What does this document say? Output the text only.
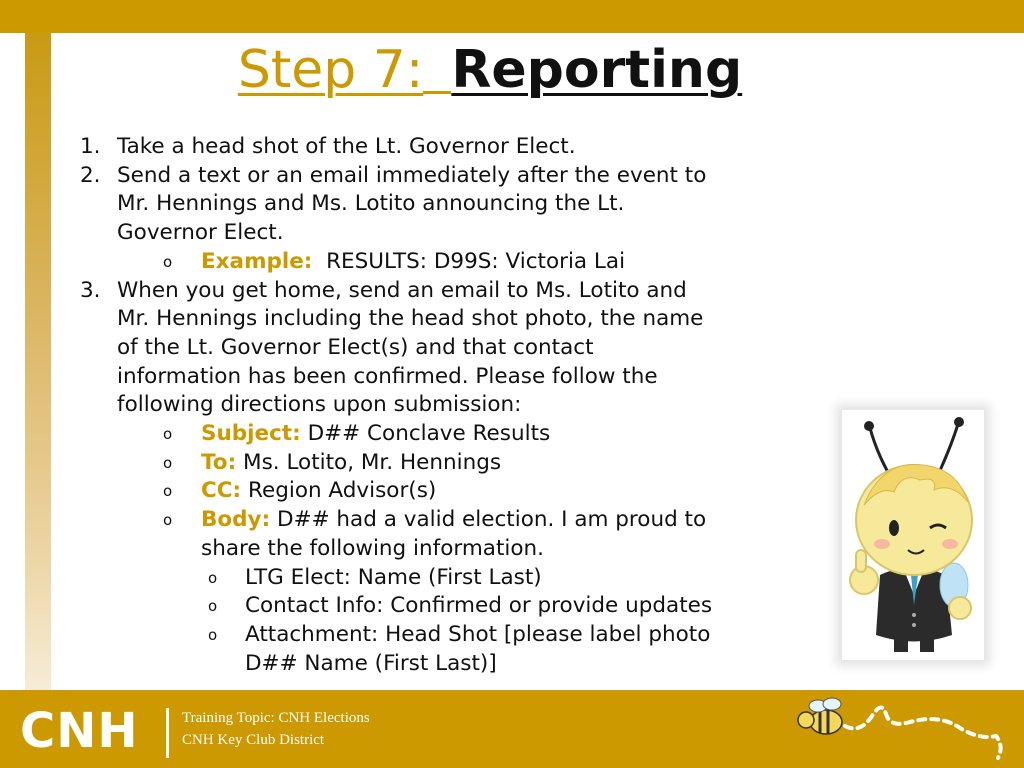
Step 7: Reporting
1. Take a head shot of the Lt. Governor Elect.
2. Send a text or an email immediately after the event to
Mr. Hennings and Ms. Lotito announcing the Lt.
Governor Elect.
o Example: RESULTS: D99S: Victoria Lai
3. When you get home, send an email to Ms. Lotito and
Mr. Hennings including the head shot photo, the name
of the Lt. Governor Elect(s) and that contact
information has been confirmed. Please follow the
following directions upon submission:
o Subject: D## Conclave Results
o To: Ms. Lotito, Mr. Hennings
o CC: Region Advisor(s)
o Body: D## had a valid election. I am proud to
share the following information.
o LTG Elect: Name (First Last)
o Contact Info: Confirmed or provide updates
o Attachment: Head Shot [please label photo
D## Name (First Last)]
CNH	Training Topic: CNH Elections
CNH Key Club District
